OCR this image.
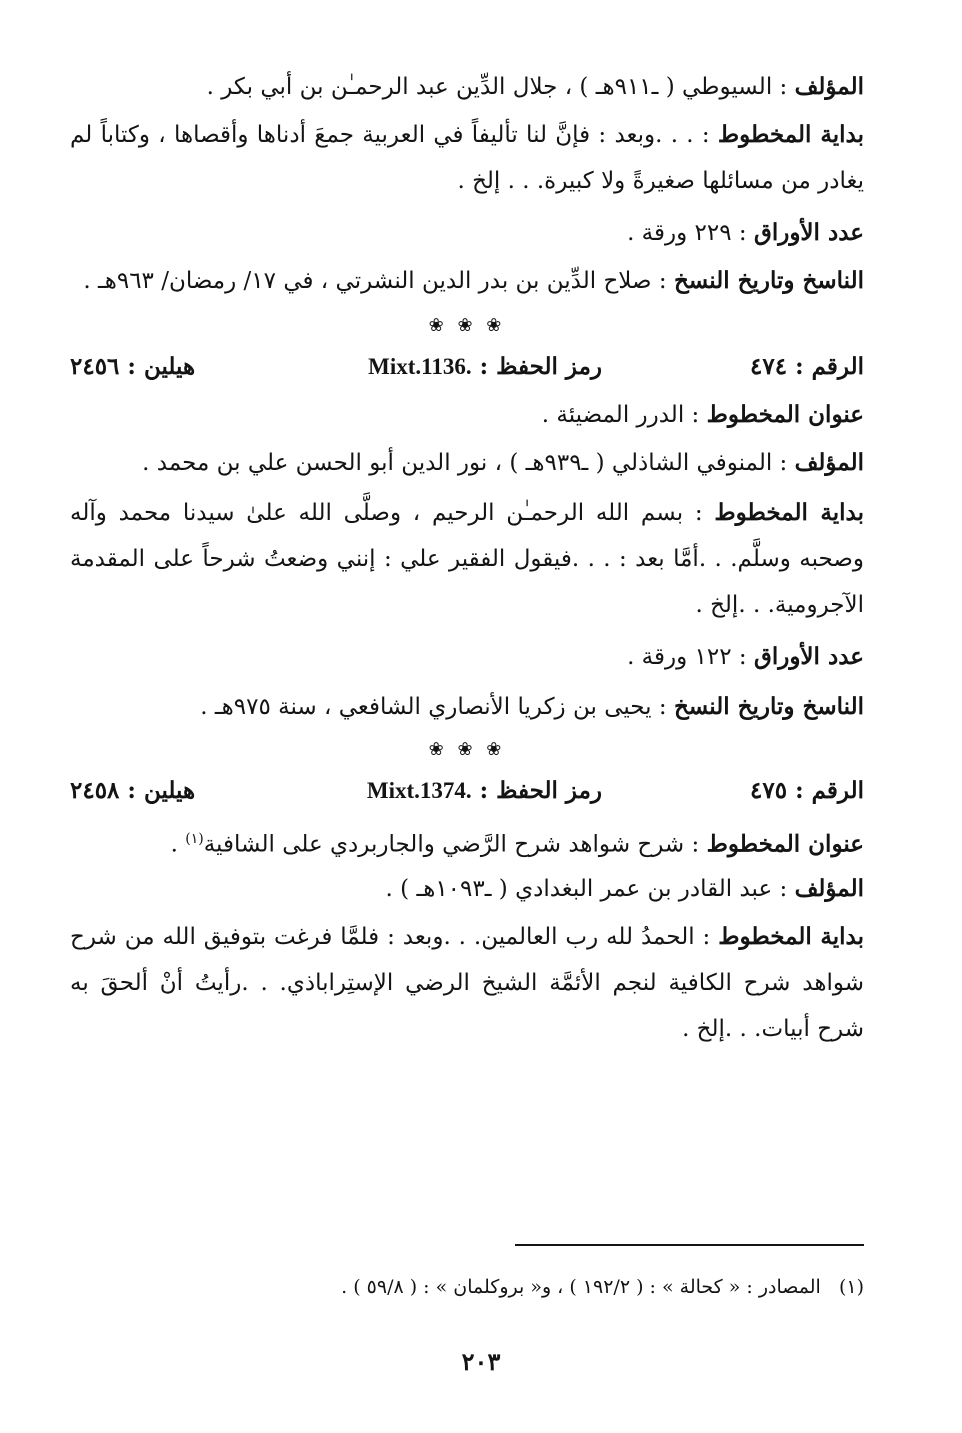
المؤلف : السيوطي ( ـ٩١١هـ ) ، جلال الدِّين عبد الرحمـٰن بن أبي بكر .
بداية المخطوط : . . .وبعد : فإنَّ لنا تأليفاً في العربية جمعَ أدناها وأقصاها ، وكتاباً لم يغادر من مسائلها صغيرةً ولا كبيرة. . . إلخ .
عدد الأوراق : ٢٢٩ ورقة .
الناسخ وتاريخ النسخ : صلاح الدِّين بن بدر الدين النشرتي ، في ١٧/ رمضان/ ٩٦٣هـ .
❀ ❀ ❀
الرقم : ٤٧٤
رمز الحفظ : Mixt.1136.
هيلين : ٢٤٥٦
عنوان المخطوط : الدرر المضيئة .
المؤلف : المنوفي الشاذلي ( ـ٩٣٩هـ ) ، نور الدين أبو الحسن علي بن محمد .
بداية المخطوط : بسم الله الرحمـٰن الرحيم ، وصلَّى الله علىٰ سيدنا محمد وآله وصحبه وسلَّم. . .أمَّا بعد : . . .فيقول الفقير علي : إنني وضعتُ شرحاً على المقدمة الآجرومية. . .إلخ .
عدد الأوراق : ١٢٢ ورقة .
الناسخ وتاريخ النسخ : يحيى بن زكريا الأنصاري الشافعي ، سنة ٩٧٥هـ .
❀ ❀ ❀
الرقم : ٤٧٥
رمز الحفظ : Mixt.1374.
هيلين : ٢٤٥٨
عنوان المخطوط : شرح شواهد شرح الرَّضي والجاربردي على الشافية$^{(١)}$ .
المؤلف : عبد القادر بن عمر البغدادي ( ـ١٠٩٣هـ ) .
بداية المخطوط : الحمدُ لله رب العالمين. . .وبعد : فلمَّا فرغت بتوفيق الله من شرح شواهد شرح الكافية لنجم الأئمَّة الشيخ الرضي الإستِراباذي. . .رأيتُ أنْ ألحقَ به شرح أبيات. . .إلخ .
(١)   المصادر : « كحالة » : ( ١٩٢/٢ ) ، و« بروكلمان » : ( ٥٩/٨ ) .
٢٠٣
